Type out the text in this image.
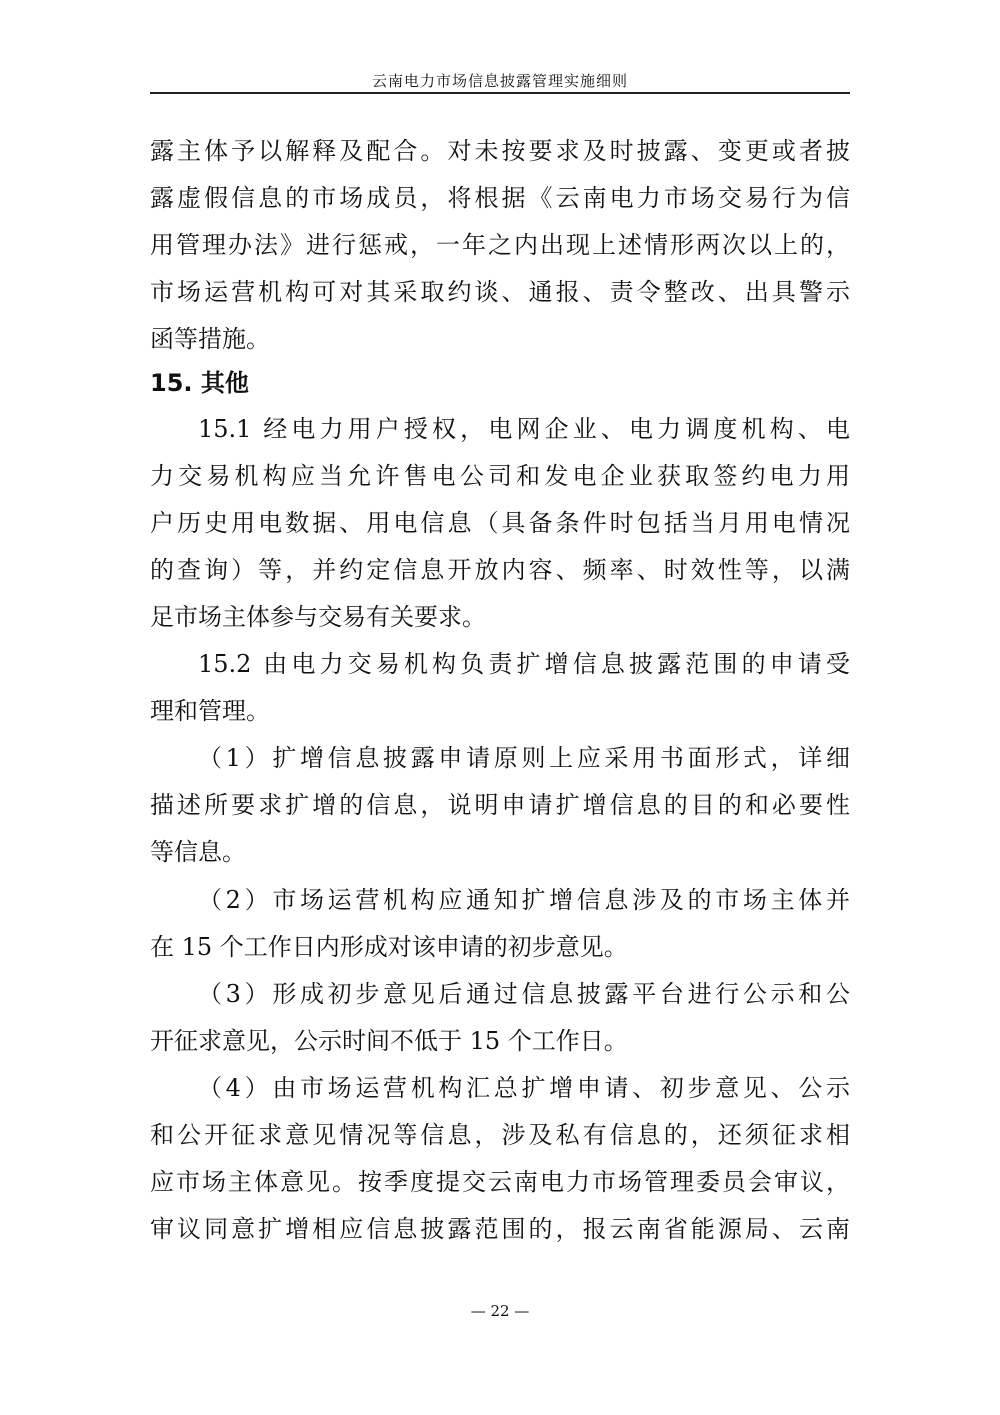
云南电力市场信息披露管理实施细则
露主体予以解释及配合。对未按要求及时披露、变更或者披
露虚假信息的市场成员，将根据《云南电力市场交易行为信
用管理办法》进行惩戒，一年之内出现上述情形两次以上的，
市场运营机构可对其采取约谈、通报、责令整改、出具警示
函等措施。
15. 其他
15.1 经电力用户授权，电网企业、电力调度机构、电
力交易机构应当允许售电公司和发电企业获取签约电力用
户历史用电数据、用电信息（具备条件时包括当月用电情况
的查询）等，并约定信息开放内容、频率、时效性等，以满
足市场主体参与交易有关要求。
15.2 由电力交易机构负责扩增信息披露范围的申请受
理和管理。
（1）扩增信息披露申请原则上应采用书面形式，详细
描述所要求扩增的信息，说明申请扩增信息的目的和必要性
等信息。
（2）市场运营机构应通知扩增信息涉及的市场主体并
在 15 个工作日内形成对该申请的初步意见。
（3）形成初步意见后通过信息披露平台进行公示和公
开征求意见，公示时间不低于 15 个工作日。
（4）由市场运营机构汇总扩增申请、初步意见、公示
和公开征求意见情况等信息，涉及私有信息的，还须征求相
应市场主体意见。按季度提交云南电力市场管理委员会审议，
审议同意扩增相应信息披露范围的，报云南省能源局、云南
— 22 —
